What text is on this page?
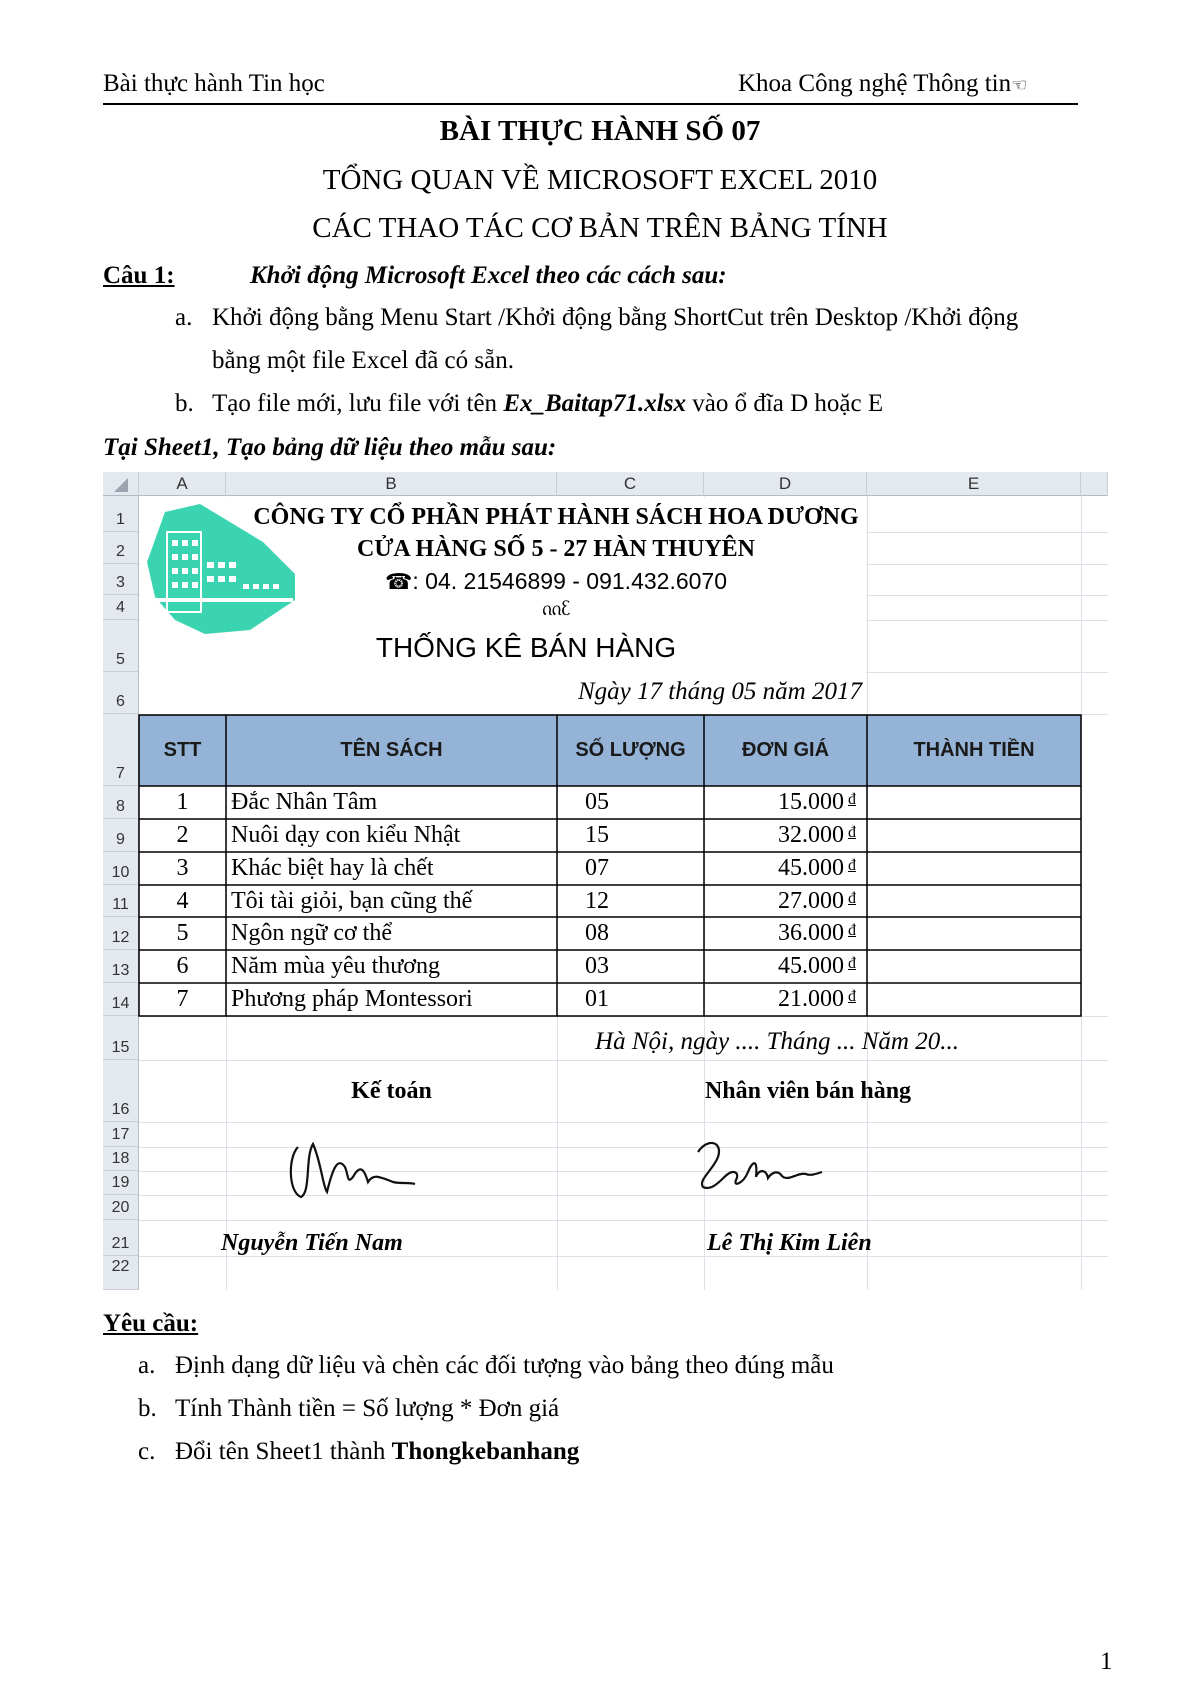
Bài thực hành Tin học	Khoa Công nghệ Thông tin☜
BÀI THỰC HÀNH SỐ 07
TỔNG QUAN VỀ MICROSOFT EXCEL 2010
CÁC THAO TÁC CƠ BẢN TRÊN BẢNG TÍNH
Câu 1:	Khởi động Microsoft Excel theo các cách sau:
a. Khởi động bằng Menu Start /Khởi động bằng ShortCut trên Desktop /Khởi động
bằng một file Excel đã có sẵn.
b. Tạo file mới, lưu file với tên Ex_Baitap71.xlsx vào ổ đĩa D hoặc E
Tại Sheet1, Tạo bảng dữ liệu theo mẫu sau:
A	B	C	D	E
1
2
3
4
5
6
7
8
9
10
11
12
13
14
15
16
17
18
19
20
21
22
CÔNG TY CỔ PHẦN PHÁT HÀNH SÁCH HOA DƯƠNG
CỬA HÀNG SỐ 5 - 27 HÀN THUYÊN
☎: 04. 21546899 - 091.432.6070
ᦶᦷ
THỐNG KÊ BÁN HÀNG
Ngày 17 tháng 05 năm 2017
STT	TÊN SÁCH	SỐ LƯỢNG	ĐƠN GIÁ	THÀNH TIỀN
1	Đắc Nhân Tâm	05	15.000 đ
2	Nuôi dạy con kiểu Nhật	15	32.000 đ
3	Khác biệt hay là chết	07	45.000 đ
4	Tôi tài giỏi, bạn cũng thế	12	27.000 đ
5	Ngôn ngữ cơ thể	08	36.000 đ
6	Năm mùa yêu thương	03	45.000 đ
7	Phương pháp Montessori	01	21.000 đ
Hà Nội, ngày .... Tháng ... Năm 20...
Kế toán	Nhân viên bán hàng
Nguyễn Tiến Nam	Lê Thị Kim Liên
Yêu cầu:
a. Định dạng dữ liệu và chèn các đối tượng vào bảng theo đúng mẫu
b. Tính Thành tiền = Số lượng * Đơn giá
c. Đổi tên Sheet1 thành Thongkebanhang
1
